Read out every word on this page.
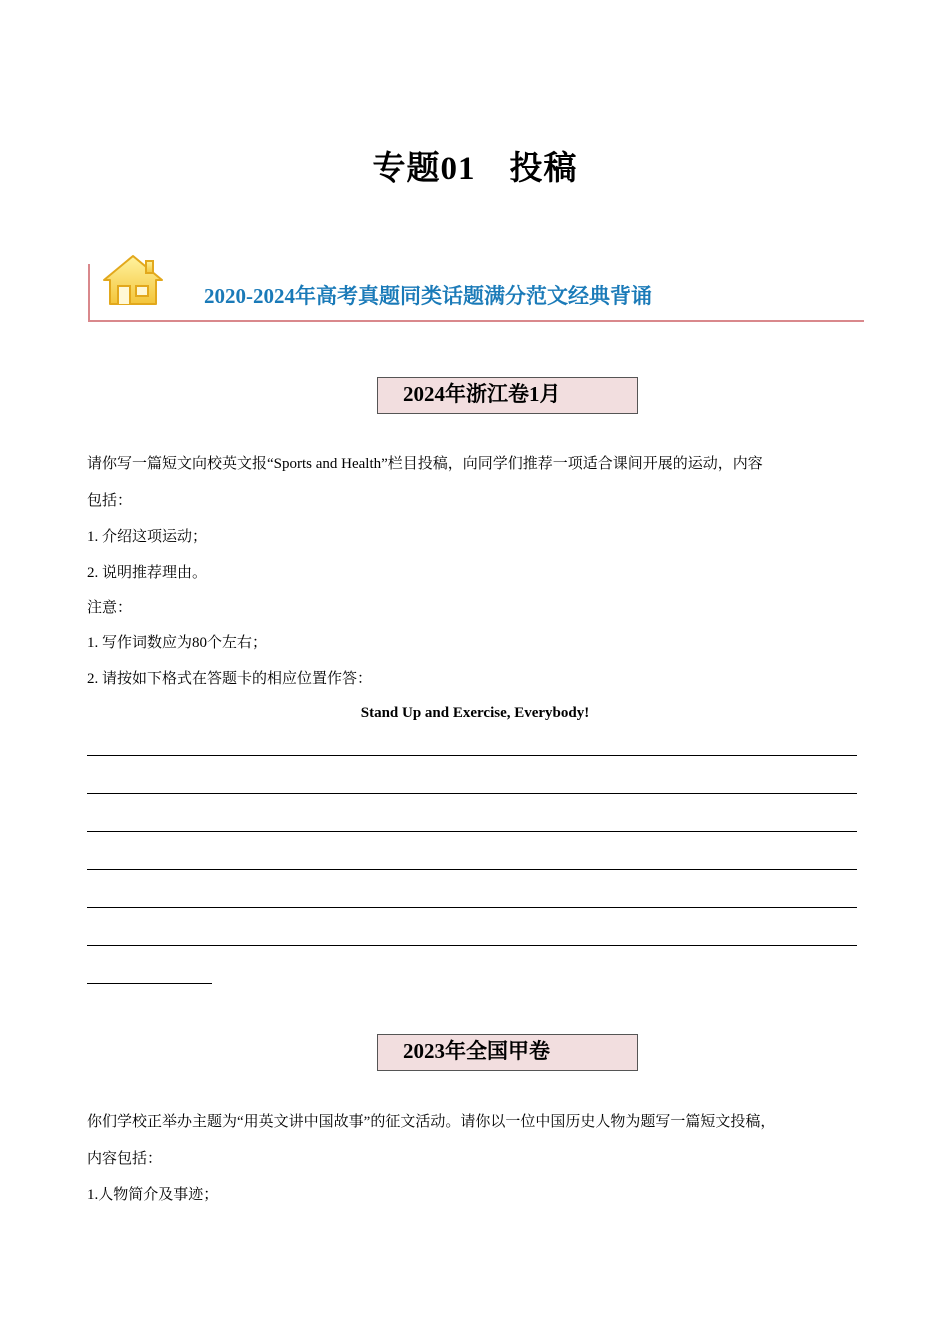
专题01　投稿
2020-2024年高考真题同类话题满分范文经典背诵
2024年浙江卷1月
请你写一篇短文向校英文报“Sports and Health”栏目投稿，向同学们推荐一项适合课间开展的运动，内容
包括：
1. 介绍这项运动；
2. 说明推荐理由。
注意：
1. 写作词数应为80个左右；
2. 请按如下格式在答题卡的相应位置作答：
Stand Up and Exercise, Everybody!
2023年全国甲卷
你们学校正举办主题为“用英文讲中国故事”的征文活动。请你以一位中国历史人物为题写一篇短文投稿，
内容包括：
1.人物简介及事迹；
